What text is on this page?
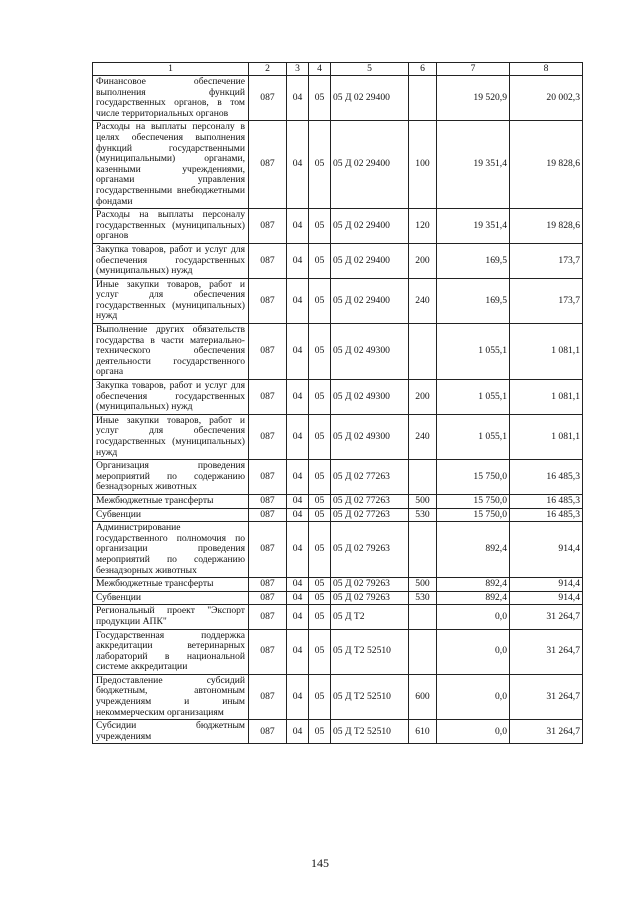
1	2	3	4	5	6	7	8
Финансовое обеспечение выполнения функций государственных органов, в том числе территориальных органов	087	04	05	05 Д 02 29400		19 520,9	20 002,3
Расходы на выплаты персоналу в целях обеспечения выполнения функций государственными (муниципальными) органами, казенными учреждениями, органами управления государственными внебюджетными фондами	087	04	05	05 Д 02 29400	100	19 351,4	19 828,6
Расходы на выплаты персоналу государственных (муниципальных) органов	087	04	05	05 Д 02 29400	120	19 351,4	19 828,6
Закупка товаров, работ и услуг для обеспечения государственных (муниципальных) нужд	087	04	05	05 Д 02 29400	200	169,5	173,7
Иные закупки товаров, работ и услуг для обеспечения государственных (муниципальных) нужд	087	04	05	05 Д 02 29400	240	169,5	173,7
Выполнение других обязательств государства в части материально-технического обеспечения деятельности государственного органа	087	04	05	05 Д 02 49300		1 055,1	1 081,1
Закупка товаров, работ и услуг для обеспечения государственных (муниципальных) нужд	087	04	05	05 Д 02 49300	200	1 055,1	1 081,1
Иные закупки товаров, работ и услуг для обеспечения государственных (муниципальных) нужд	087	04	05	05 Д 02 49300	240	1 055,1	1 081,1
Организация проведения мероприятий по содержанию безнадзорных животных	087	04	05	05 Д 02 77263		15 750,0	16 485,3
Межбюджетные трансферты	087	04	05	05 Д 02 77263	500	15 750,0	16 485,3
Субвенции	087	04	05	05 Д 02 77263	530	15 750,0	16 485,3
Администрирование государственного полномочия по организации проведения мероприятий по содержанию безнадзорных животных	087	04	05	05 Д 02 79263		892,4	914,4
Межбюджетные трансферты	087	04	05	05 Д 02 79263	500	892,4	914,4
Субвенции	087	04	05	05 Д 02 79263	530	892,4	914,4
Региональный проект "Экспорт продукции АПК"	087	04	05	05 Д Т2		0,0	31 264,7
Государственная поддержка аккредитации ветеринарных лабораторий в национальной системе аккредитации	087	04	05	05 Д Т2 52510		0,0	31 264,7
Предоставление субсидий бюджетным, автономным учреждениям и иным некоммерческим организациям	087	04	05	05 Д Т2 52510	600	0,0	31 264,7
Субсидии бюджетным учреждениям	087	04	05	05 Д Т2 52510	610	0,0	31 264,7
145
